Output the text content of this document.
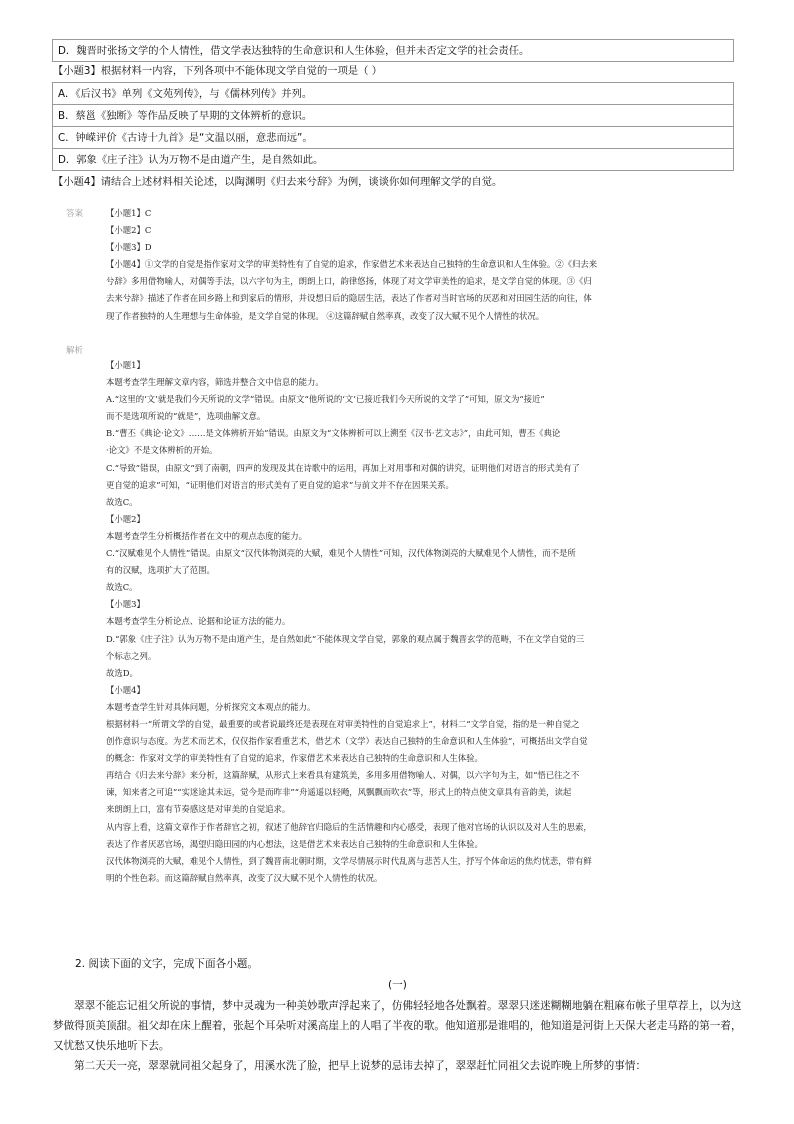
D．魏晋时张扬文学的个人情性，借文学表达独特的生命意识和人生体验，但并未否定文学的社会责任。
【小题3】根据材料一内容，下列各项中不能体现文学自觉的一项是（ ）
A．《后汉书》单列《文苑列传》，与《儒林列传》并列。
B．蔡邕《独断》等作品反映了早期的文体辨析的意识。
C．钟嵘评价《古诗十九首》是“文温以丽，意悲而远”。
D．郭象《庄子注》认为万物不是由道产生，是自然如此。
【小题4】请结合上述材料相关论述，以陶渊明《归去来兮辞》为例，谈谈你如何理解文学的自觉。
答案	【小题1】C

【小题2】C

【小题3】D

【小题4】①文学的自觉是指作家对文学的审美特性有了自觉的追求，作家借艺术来表达自己独特的生命意识和人生体验。②《归去来

兮辞》多用借物喻人，对偶等手法，以六字句为主，朗朗上口，韵律悠扬，体现了对文学审美性的追求，是文学自觉的体现。③《归

去来兮辞》描述了作者在回乡路上和到家后的情形，并设想日后的隐居生活，表达了作者对当时官场的厌恶和对田园生活的向往，体

现了作者独特的人生理想与生命体验，是文学自觉的体现。 ④这篇辞赋自然率真，改变了汉大赋不见个人情性的状况。

解析

【小题1】

本题考查学生理解文章内容，筛选并整合文中信息的能力。

A.“这里的‘文’就是我们今天所说的文学”错误。由原文“他所说的‘文’已接近我们今天所说的文学了”可知，原文为“接近”

而不是选项所说的“就是”，选项曲解文意。

B.“曹丕《典论·论文》……是文体辨析开始”错误。由原文为“文体辨析可以上溯至《汉书·艺文志》”，由此可知，曹丕《典论

·论文》不是文体辨析的开始。

C.“导致”错误，由原文“到了南朝，四声的发现及其在诗歌中的运用，再加上对用事和对偶的讲究，证明他们对语言的形式美有了

更自觉的追求”可知，“证明他们对语言的形式美有了更自觉的追求”与前文并不存在因果关系。

故选C。

【小题2】

本题考查学生分析概括作者在文中的观点态度的能力。

C.“汉赋难见个人情性”错误。由原文“汉代体物浏亮的大赋，难见个人情性”可知，汉代体物浏亮的大赋难见个人情性，而不是所

有的汉赋，选项扩大了范围。

故选C。

【小题3】

本题考查学生分析论点、论据和论证方法的能力。

D.“郭象《庄子注》认为万物不是由道产生，是自然如此”不能体现文学自觉，郭象的观点属于魏晋玄学的范畴，不在文学自觉的三

个标志之列。

故选D。

【小题4】

本题考查学生针对具体问题，分析探究文本观点的能力。

根据材料一“所谓文学的自觉，最重要的或者说最终还是表现在对审美特性的自觉追求上”，材料二“文学自觉，指的是一种自觉之

创作意识与态度。为艺术而艺术，仅仅指作家看重艺术，借艺术（文学）表达自己独特的生命意识和人生体验”，可概括出文学自觉

的概念：作家对文学的审美特性有了自觉的追求，作家借艺术来表达自己独特的生命意识和人生体验。

再结合《归去来兮辞》来分析，这篇辞赋，从形式上来看具有建筑美，多用多用借物喻人、对偶，以六字句为主，如“悟已往之不

谏，知来者之可追”“实迷途其未远，觉今是而昨非”“舟遥遥以轻飏，风飘飘而吹衣”等，形式上的特点使文章具有音韵美，读起

来朗朗上口，富有节奏感这是对审美的自觉追求。

从内容上看，这篇文章作于作者辞官之初，叙述了他辞官归隐后的生活情趣和内心感受，表现了他对官场的认识以及对人生的思索，

表达了作者厌恶官场，渴望归隐田园的内心想法，这是借艺术来表达自己独特的生命意识和人生体验。

汉代体物浏亮的大赋，难见个人情性，到了魏晋南北朝时期，文学尽情展示时代乱离与悲苦人生，抒写个体命运的焦灼忧悲，带有鲜

明的个性色彩。而这篇辞赋自然率真，改变了汉大赋不见个人情性的状况。

2. 阅读下面的文字，完成下面各小题。
(一)

翠翠不能忘记祖父所说的事情，梦中灵魂为一种美妙歌声浮起来了，仿佛轻轻地各处飘着。翠翠只迷迷糊糊地躺在粗麻布帐子里草荐上，以为这

梦做得顶美顶甜。祖父却在床上醒着，张起个耳朵听对溪高崖上的人唱了半夜的歌。他知道那是谁唱的，他知道是河街上天保大老走马路的第一着，

又忧愁又快乐地听下去。

第二天天一亮，翠翠就同祖父起身了，用溪水洗了脸，把早上说梦的忌讳去掉了，翠翠赶忙同祖父去说昨晚上所梦的事情：
